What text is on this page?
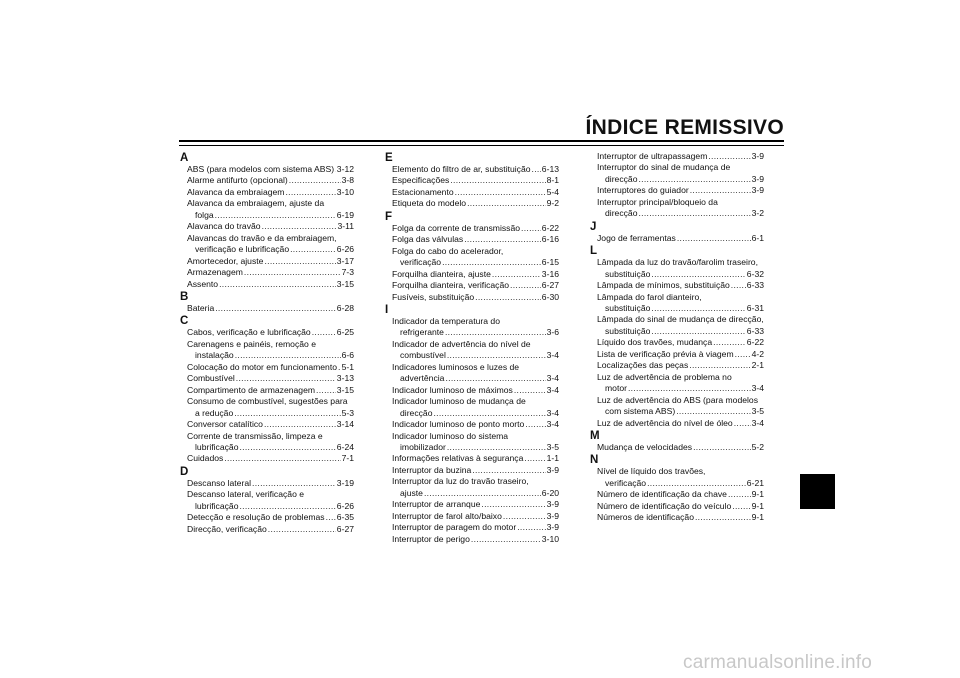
ÍNDICE REMISSIVO
A
ABS (para modelos com sistema ABS) ..... 3-12
Alarme antifurto (opcional) .....	3-8
Alavanca da embraiagem .....	3-10
Alavanca da embraiagem, ajuste da
folga .....	6-19
Alavanca do travão .....	3-11
Alavancas do travão e da embraiagem,
verificação e lubrificação .....	6-26
Amortecedor, ajuste .....	3-17
Armazenagem .....	7-3
Assento .....	3-15
B
Bateria .....	6-28
C
Cabos, verificação e lubrificação .....	6-25
Carenagens e painéis, remoção e
instalação .....	6-6
Colocação do motor em funcionamento ..... 5-1
Combustível .....	3-13
Compartimento de armazenagem .....	3-15
Consumo de combustível, sugestões para
a redução .....	5-3
Conversor catalítico .....	3-14
Corrente de transmissão, limpeza e
lubrificação .....	6-24
Cuidados .....	7-1
D
Descanso lateral .....	3-19
Descanso lateral, verificação e
lubrificação .....	6-26
Detecção e resolução de problemas ..... 6-35
Direcção, verificação .....	6-27
E
Elemento do filtro de ar, substituição ..... 6-13
Especificações .....	8-1
Estacionamento .....	5-4
Etiqueta do modelo .....	9-2
F
Folga da corrente de transmissão .....	6-22
Folga das válvulas .....	6-16
Folga do cabo do acelerador,
verificação .....	6-15
Forquilha dianteira, ajuste .....	3-16
Forquilha dianteira, verificação .....	6-27
Fusíveis, substituição .....	6-30
I
Indicador da temperatura do
refrigerante .....	3-6
Indicador de advertência do nível de
combustível .....	3-4
Indicadores luminosos e luzes de
advertência .....	3-4
Indicador luminoso de máximos .....	3-4
Indicador luminoso de mudança de
direcção .....	3-4
Indicador luminoso de ponto morto .....	3-4
Indicador luminoso do sistema
imobilizador .....	3-5
Informações relativas à segurança .....	1-1
Interruptor da buzina .....	3-9
Interruptor da luz do travão traseiro,
ajuste .....	6-20
Interruptor de arranque .....	3-9
Interruptor de farol alto/baixo .....	3-9
Interruptor de paragem do motor .....	3-9
Interruptor de perigo .....	3-10
Interruptor de ultrapassagem .....	3-9
Interruptor do sinal de mudança de
direcção .....	3-9
Interruptores do guiador .....	3-9
Interruptor principal/bloqueio da
direcção .....	3-2
J
Jogo de ferramentas .....	6-1
L
Lâmpada da luz do travão/farolim traseiro,
substituição .....	6-32
Lâmpada de mínimos, substituição ..... 6-33
Lâmpada do farol dianteiro,
substituição .....	6-31
Lâmpada do sinal de mudança de direcção,
substituição .....	6-33
Líquido dos travões, mudança .....	6-22
Lista de verificação prévia à viagem ..... 4-2
Localizações das peças .....	2-1
Luz de advertência de problema no
motor .....	3-4
Luz de advertência do ABS (para modelos
com sistema ABS) .....	3-5
Luz de advertência do nível de óleo ..... 3-4
M
Mudança de velocidades .....	5-2
N
Nível de líquido dos travões,
verificação .....	6-21
Número de identificação da chave .....	9-1
Número de identificação do veículo ..... 9-1
Números de identificação .....	9-1
carmanualsonline.info
